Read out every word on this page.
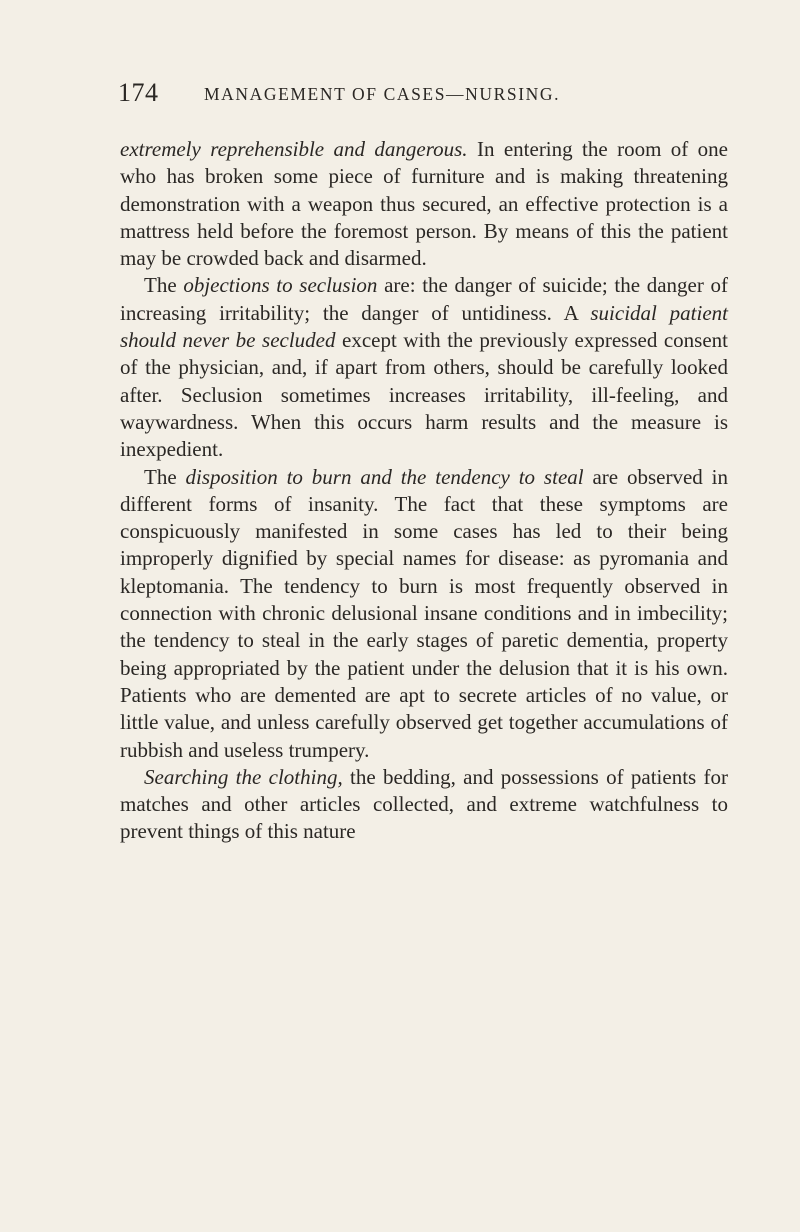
174	MANAGEMENT OF CASES—NURSING.

extremely reprehensible and dangerous. In entering the room of one who has broken some piece of furniture and is making threatening demonstration with a weapon thus secured, an effective protection is a mattress held before the foremost person. By means of this the patient may be crowded back and disarmed.

The objections to seclusion are: the danger of suicide; the danger of increasing irritability; the danger of untidiness. A suicidal patient should never be secluded except with the previously expressed consent of the physician, and, if apart from others, should be carefully looked after. Seclusion sometimes increases irritability, ill-feeling, and waywardness. When this occurs harm results and the measure is inexpedient.

The disposition to burn and the tendency to steal are observed in different forms of insanity. The fact that these symptoms are conspicuously manifested in some cases has led to their being improperly dignified by special names for disease: as pyromania and kleptomania. The tendency to burn is most frequently observed in connection with chronic delusional insane conditions and in imbecility; the tendency to steal in the early stages of paretic dementia, property being appropriated by the patient under the delusion that it is his own. Patients who are demented are apt to secrete articles of no value, or little value, and unless carefully observed get together accumulations of rubbish and useless trumpery.

Searching the clothing, the bedding, and possessions of patients for matches and other articles collected, and extreme watchfulness to prevent things of this nature
